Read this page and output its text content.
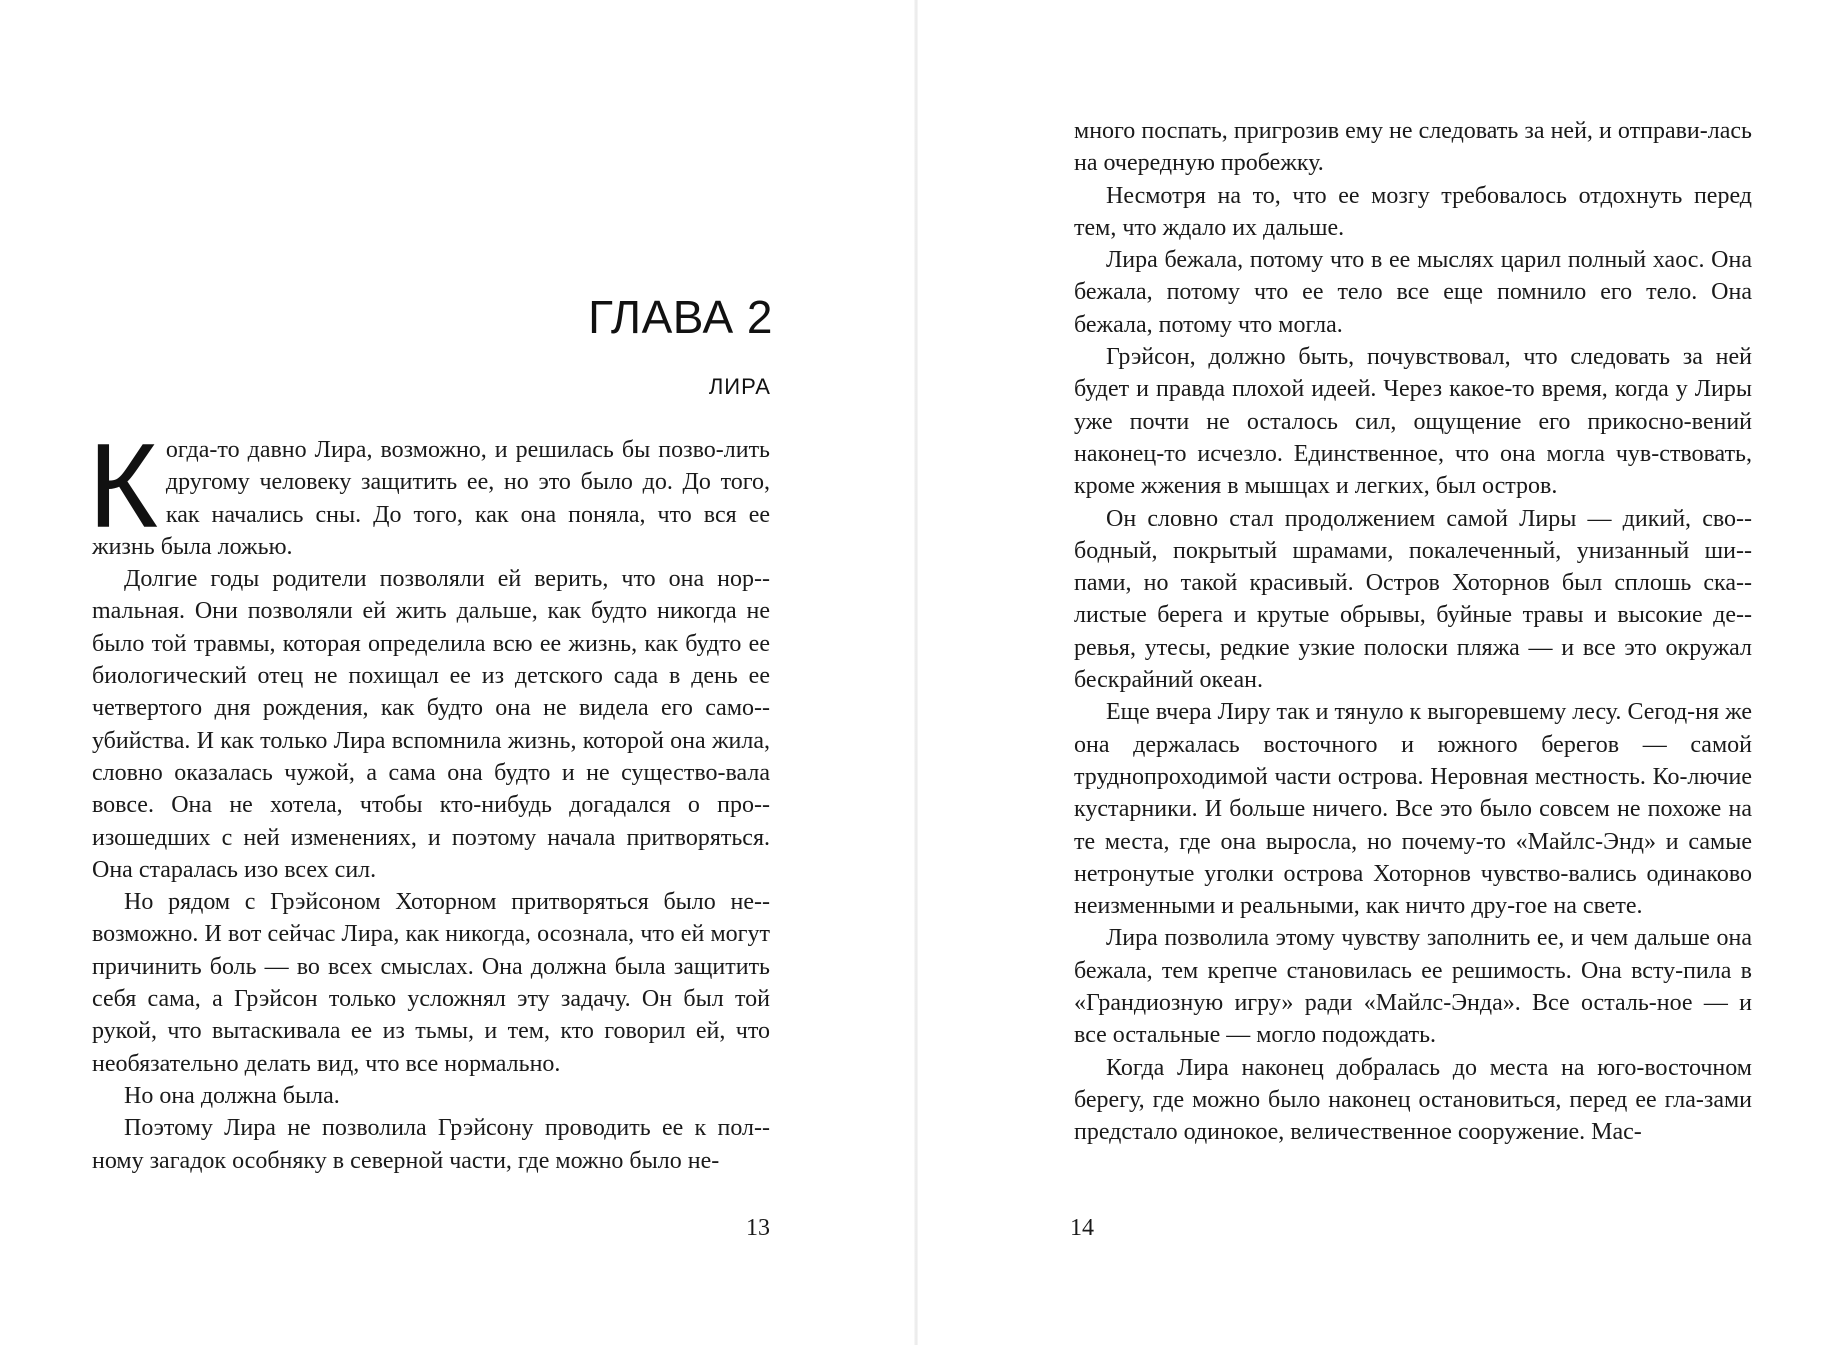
ГЛАВА 2
ЛИРА

Когда-то давно Лира, возможно, и решилась бы позво-лить другому человеку защитить ее, но это было до. До того, как начались сны. До того, как она поняла, что вся ее жизнь была ложью.

Долгие годы родители позволяли ей верить, что она нор-mальная. Они позволяли ей жить дальше, как будто никогда не было той травмы, которая определила всю ее жизнь, как будто ее биологический отец не похищал ее из детского сада в день ее четвертого дня рождения, как будто она не видела его само-убийства. И как только Лира вспомнила жизнь, которой она жила, словно оказалась чужой, а сама она будто и не существо-вала вовсе. Она не хотела, чтобы кто-нибудь догадался о про-изошедших с ней изменениях, и поэтому начала притворяться. Она старалась изо всех сил.

Но рядом с Грэйсоном Хоторном притворяться было не-возможно. И вот сейчас Лира, как никогда, осознала, что ей могут причинить боль — во всех смыслах. Она должна была защитить себя сама, а Грэйсон только усложнял эту задачу. Он был той рукой, что вытаскивала ее из тьмы, и тем, кто говорил ей, что необязательно делать вид, что все нормально.

Но она должна была.

Поэтому Лира не позволила Грэйсону проводить ее к пол-ному загадок особняку в северной части, где можно было не-

13

много поспать, пригрозив ему не следовать за ней, и отправи-лась на очередную пробежку.

Несмотря на то, что ее мозгу требовалось отдохнуть перед тем, что ждало их дальше.

Лира бежала, потому что в ее мыслях царил полный хаос. Она бежала, потому что ее тело все еще помнило его тело. Она бежала, потому что могла.

Грэйсон, должно быть, почувствовал, что следовать за ней будет и правда плохой идеей. Через какое-то время, когда у Лиры уже почти не осталось сил, ощущение его прикосно-вений наконец-то исчезло. Единственное, что она могла чув-ствовать, кроме жжения в мышцах и легких, был остров.

Он словно стал продолжением самой Лиры — дикий, сво-бодный, покрытый шрамами, покалеченный, унизанный ши-пами, но такой красивый. Остров Хоторнов был сплошь ска-листые берега и крутые обрывы, буйные травы и высокие де-ревья, утесы, редкие узкие полоски пляжа — и все это окружал бескрайний океан.

Еще вчера Лиру так и тянуло к выгоревшему лесу. Сегод-ня же она держалась восточного и южного берегов — самой труднопроходимой части острова. Неровная местность. Ко-лючие кустарники. И больше ничего. Все это было совсем не похоже на те места, где она выросла, но почему-то «Майлс-Энд» и самые нетронутые уголки острова Хоторнов чувство-вались одинаково неизменными и реальными, как ничто дру-гое на свете.

Лира позволила этому чувству заполнить ее, и чем дальше она бежала, тем крепче становилась ее решимость. Она всту-пила в «Грандиозную игру» ради «Майлс-Энда». Все осталь-ное — и все остальные — могло подождать.

Когда Лира наконец добралась до места на юго-восточном берегу, где можно было наконец остановиться, перед ее гла-зами предстало одинокое, величественное сооружение. Мас-

14
